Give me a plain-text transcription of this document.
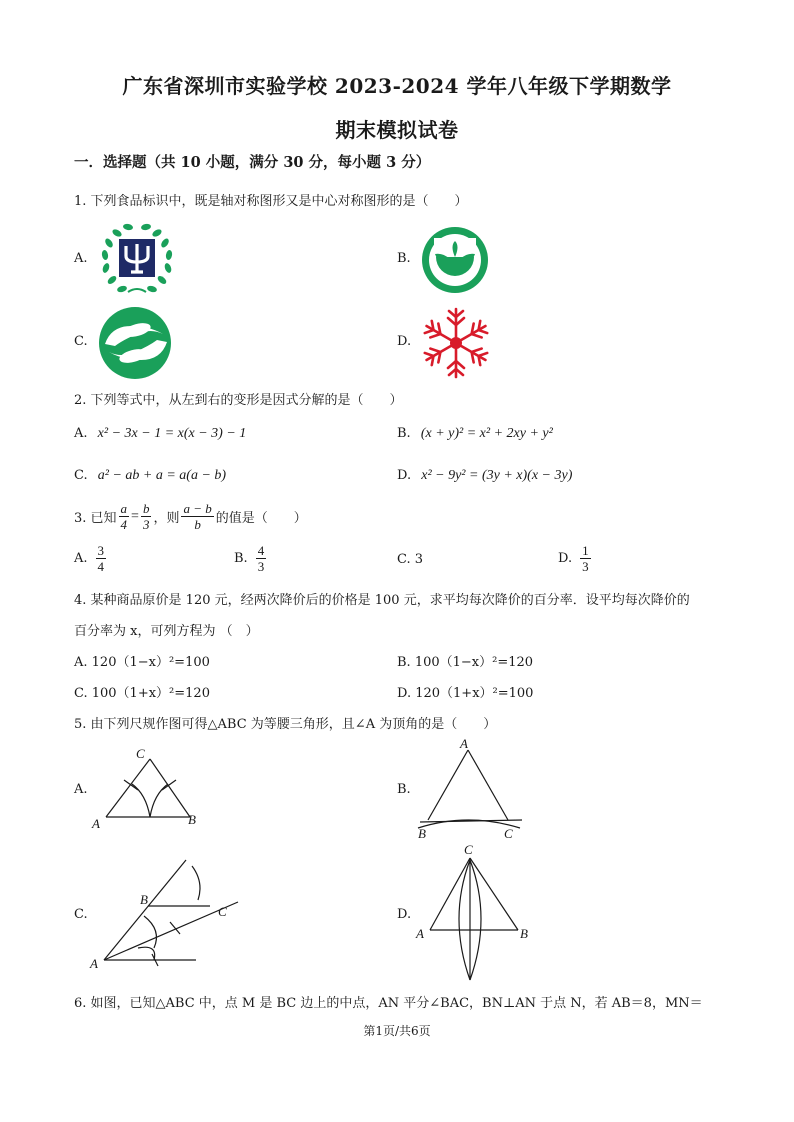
广东省深圳市实验学校 2023-2024 学年八年级下学期数学
期末模拟试卷
一．选择题（共 10 小题，满分 30 分，每小题 3 分）
1. 下列食品标识中，既是轴对称图形又是中心对称图形的是（　　）
A.	B.
C.	D.
2. 下列等式中，从左到右的变形是因式分解的是（　　）
A. x² − 3x − 1 = x(x − 3) − 1	B. (x + y)² = x² + 2xy + y²
C. a² − ab + a = a(a − b)	D. x² − 9y² = (3y + x)(x − 3y)
3. 已知 $\frac{a}{4} = \frac{b}{3}$ ，则 $\frac{a - b}{b}$ 的值是（　　）
A. $\frac{3}{4}$	B. $\frac{4}{3}$	C. 3	D. $\frac{1}{3}$
4. 某种商品原价是 120 元，经两次降价后的价格是 100 元，求平均每次降价的百分率．设平均每次降价的
百分率为 x，可列方程为 （　）
A. 120（1−x）²=100	B. 100（1−x）²=120
C. 100（1+x）²=120	D. 120（1+x）²=100
5. 由下列尺规作图可得△ABC 为等腰三角形，且∠A 为顶角的是（　　）
A.	B.
C.	D.
A	B
C
A
B	C
B
C
A
C
A	B
6. 如图，已知△ABC 中，点 M 是 BC 边上的中点，AN 平分∠BAC，BN⊥AN 于点 N，若 AB＝8，MN＝
第1页/共6页
